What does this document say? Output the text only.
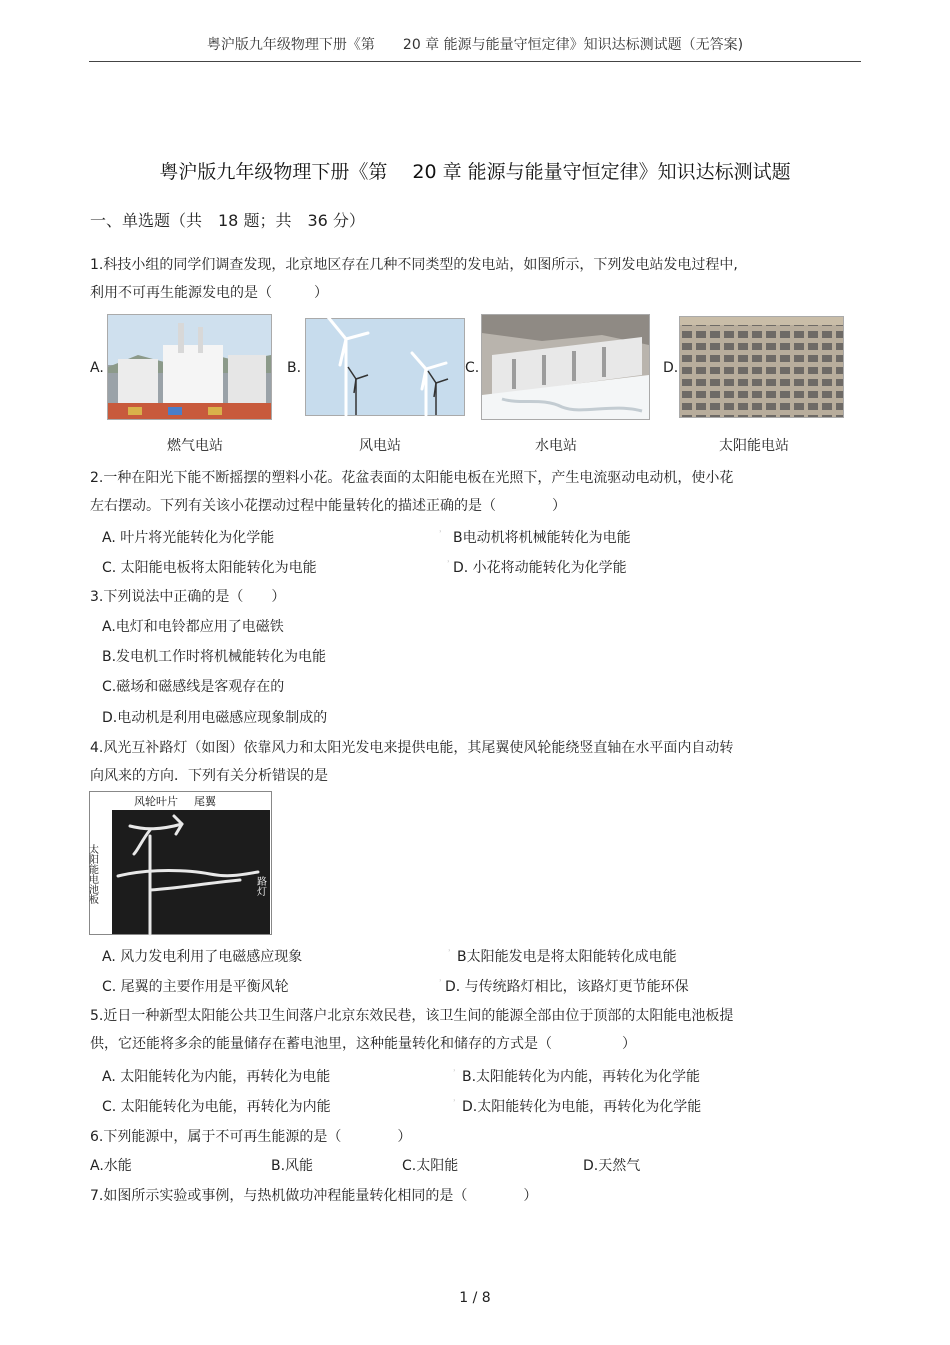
粤沪版九年级物理下册《第　　20 章 能源与能量守恒定律》知识达标测试题（无答案)
粤沪版九年级物理下册《第　 20 章 能源与能量守恒定律》知识达标测试题
一、单选题（共　18 题；共　36 分）
1.科技小组的同学们调查发现，北京地区存在几种不同类型的发电站，如图所示，下列发电站发电过程中,
利用不可再生能源发电的是（　　　）
A.	B.	C.	D.
燃气电站	风电站	水电站	太阳能电站
2.一种在阳光下能不断摇摆的塑料小花。花盆表面的太阳能电板在光照下，产生电流驱动电动机，使小花
左右摆动。下列有关该小花摆动过程中能量转化的描述正确的是（　　　　）
A. 叶片将光能转化为化学能	᾽ B电动机将机械能转化为电能
C. 太阳能电板将太阳能转化为电能	᾽ D. 小花将动能转化为化学能
3.下列说法中正确的是（　　）
A.电灯和电铃都应用了电磁铁
B.发电机工作时将机械能转化为电能
C.磁场和磁感线是客观存在的
D.电动机是利用电磁感应现象制成的
4.风光互补路灯（如图）依靠风力和太阳光发电来提供电能，其尾翼使风轮能绕竖直轴在水平面内自动转
向风来的方向．下列有关分析错误的是
风轮叶片 尾翼
太阳能电池板	路灯
A. 风力发电利用了电磁感应现象	᾽ B太阳能发电是将太阳能转化成电能
C. 尾翼的主要作用是平衡风轮	᾽ D. 与传统路灯相比，该路灯更节能环保
5.近日一种新型太阳能公共卫生间落户北京东效民巷，该卫生间的能源全部由位于顶部的太阳能电池板提
供，它还能将多余的能量储存在蓄电池里，这种能量转化和储存的方式是（　　　　　）
A. 太阳能转化为内能，再转化为电能	᾽ B.太阳能转化为内能，再转化为化学能
C. 太阳能转化为电能，再转化为内能	᾽ D.太阳能转化为电能，再转化为化学能
6.下列能源中，属于不可再生能源的是（　　　　）
A.水能	B.风能	C.太阳能	D.天然气
7.如图所示实验或事例，与热机做功冲程能量转化相同的是（　　　　）
1 / 8
